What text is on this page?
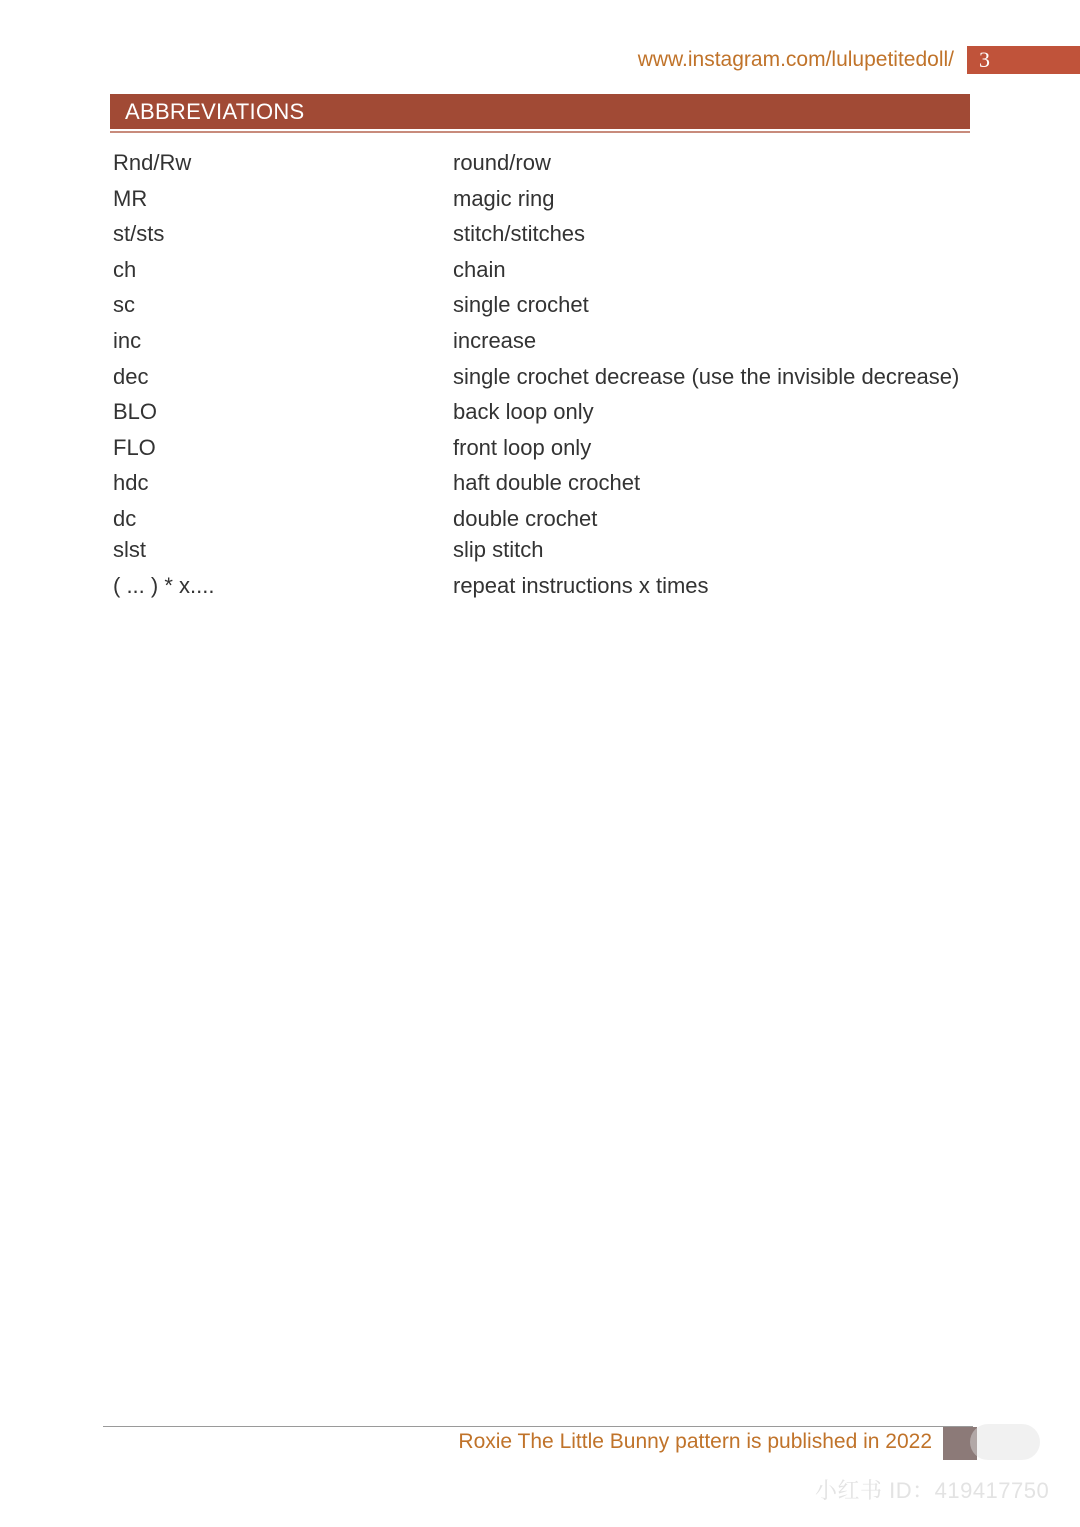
www.instagram.com/lulupetitedoll/	3
ABBREVIATIONS
Rnd/Rw	round/row
MR	magic ring
st/sts	stitch/stitches
ch	chain
sc	single crochet
inc	increase
dec	single crochet decrease (use the invisible decrease)
BLO	back loop only
FLO	front loop only
hdc	haft double crochet
dc	double crochet
slst	slip stitch
( ... ) * x....	repeat instructions x times
Roxie The Little Bunny pattern is published in 2022
小红书 ID：419417750
